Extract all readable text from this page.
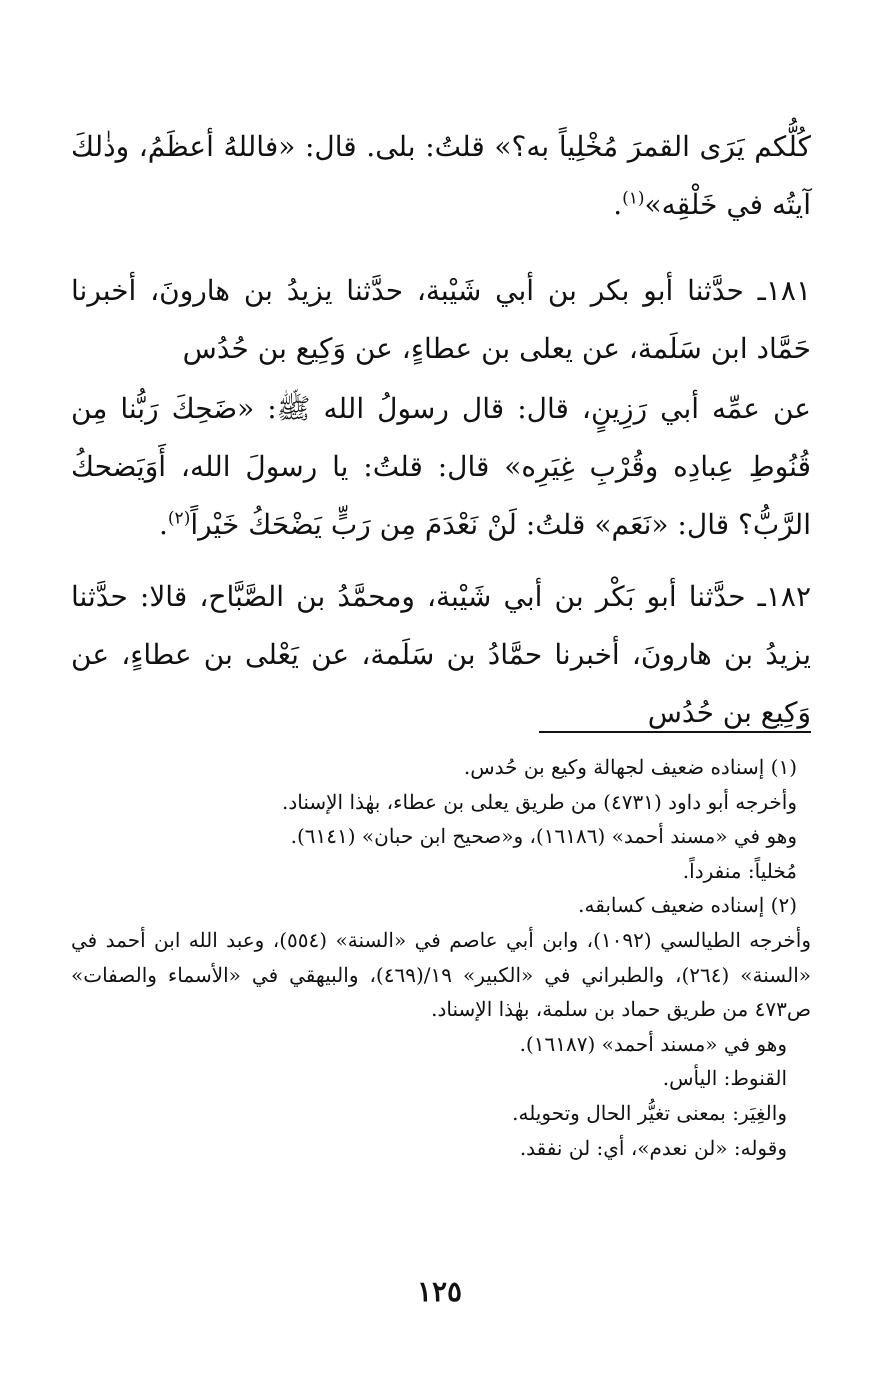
كُلُّكم يَرَى القمرَ مُخْلِياً به؟» قلتُ: بلى. قال: «فاللهُ أعظَمُ، وذٰلكَ آيتُه في خَلْقِه»$^{(١)}$.

١٨١ـ حدَّثنا أبو بكر بن أبي شَيْبة، حدَّثنا يزيدُ بن هارونَ، أخبرنا حَمَّاد ابن سَلَمة، عن يعلى بن عطاءٍ، عن وَكِيع بن حُدُس

عن عمِّه أبي رَزِينٍ، قال: قال رسولُ الله ﷺ: «ضَحِكَ رَبُّنا مِن قُنُوطِ عِبادِه وقُرْبِ غِيَرِه» قال: قلتُ: يا رسولَ الله، أَوَيَضحكُ الرَّبُّ؟ قال: «نَعَم» قلتُ: لَنْ نَعْدَمَ مِن رَبٍّ يَضْحَكُ خَيْراً$^{(٢)}$.

١٨٢ـ حدَّثنا أبو بَكْر بن أبي شَيْبة، ومحمَّدُ بن الصَّبَّاح، قالا: حدَّثنا يزيدُ بن هارونَ، أخبرنا حمَّادُ بن سَلَمة، عن يَعْلى بن عطاءٍ، عن وَكِيع بن حُدُس

(١) إسناده ضعيف لجهالة وكيع بن حُدس.

وأخرجه أبو داود (٤٧٣١) من طريق يعلى بن عطاء، بهٰذا الإسناد.

وهو في «مسند أحمد» (١٦١٨٦)، و«صحيح ابن حبان» (٦١٤١).

مُخلياً: منفرداً.

(٢) إسناده ضعيف كسابقه.

وأخرجه الطيالسي (١٠٩٢)، وابن أبي عاصم في «السنة» (٥٥٤)، وعبد الله ابن أحمد في «السنة» (٢٦٤)، والطبراني في «الكبير» ١٩/(٤٦٩)، والبيهقي في «الأسماء والصفات» ص٤٧٣ من طريق حماد بن سلمة، بهٰذا الإسناد.

وهو في «مسند أحمد» (١٦١٨٧).

القنوط: اليأس.

والغِيَر: بمعنى تغيُّر الحال وتحويله.

وقوله: «لن نعدم»، أي: لن نفقد.

١٢٥
